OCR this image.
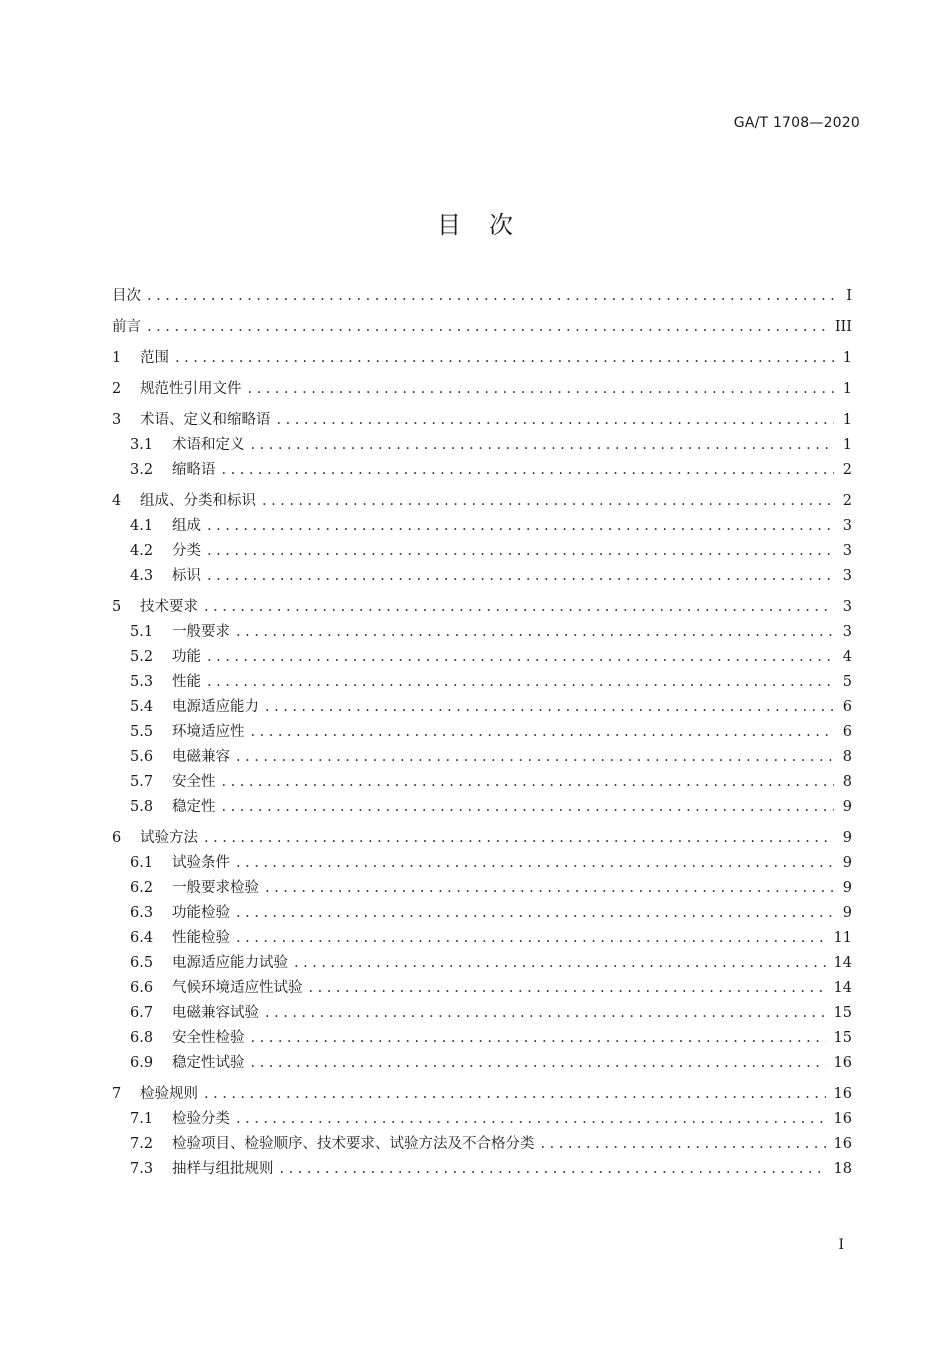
GA/T 1708—2020
目次
目次 .....	I
前言 .....	III
1	范围 .....	1
2	规范性引用文件 .....	1
3	术语、定义和缩略语 .....	1
3.1	术语和定义 .....	1
3.2	缩略语 .....	2
4	组成、分类和标识 .....	2
4.1	组成 .....	3
4.2	分类 .....	3
4.3	标识 .....	3
5	技术要求 .....	3
5.1	一般要求 .....	3
5.2	功能 .....	4
5.3	性能 .....	5
5.4	电源适应能力 .....	6
5.5	环境适应性 .....	6
5.6	电磁兼容 .....	8
5.7	安全性 .....	8
5.8	稳定性 .....	9
6	试验方法 .....	9
6.1	试验条件 .....	9
6.2	一般要求检验 .....	9
6.3	功能检验 .....	9
6.4	性能检验 .....	11
6.5	电源适应能力试验 .....	14
6.6	气候环境适应性试验 .....	14
6.7	电磁兼容试验 .....	15
6.8	安全性检验 .....	15
6.9	稳定性试验 .....	16
7	检验规则 .....	16
7.1	检验分类 .....	16
7.2	检验项目、检验顺序、技术要求、试验方法及不合格分类 .....	16
7.3	抽样与组批规则 .....	18
I
